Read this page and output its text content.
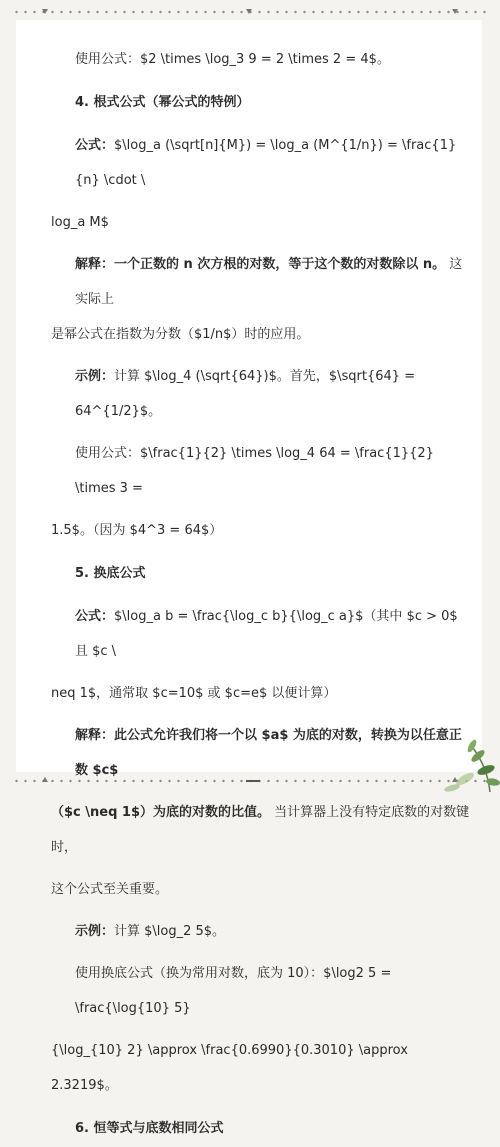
使用公式：$2 \times \log_3 9 = 2 \times 2 = 4$。

4. 根式公式（幂公式的特例）

公式：$\log_a (\sqrt[n]{M}) = \log_a (M^{1/n}) = \frac{1}{n} \cdot \

log_a M$

解释：一个正数的 n 次方根的对数，等于这个数的对数除以 n。 这实际上

是幂公式在指数为分数（$1/n$）时的应用。

示例：计算 $\log_4 (\sqrt{64})$。首先，$\sqrt{64} = 64^{1/2}$。

使用公式：$\frac{1}{2} \times \log_4 64 = \frac{1}{2} \times 3 =

1.5$。（因为 $4^3 = 64$）

5. 换底公式

公式：$\log_a b = \frac{\log_c b}{\log_c a}$（其中 $c > 0$ 且 $c \

neq 1$，通常取 $c=10$ 或 $c=e$ 以便计算）

解释：此公式允许我们将一个以 $a$ 为底的对数，转换为以任意正数 $c$

（$c \neq 1$）为底的对数的比值。 当计算器上没有特定底数的对数键时，

这个公式至关重要。

示例：计算 $\log_2 5$。

使用换底公式（换为常用对数，底为 10）：$\log2 5 = \frac{\log{10} 5}

{\log_{10} 2} \approx \frac{0.6990}{0.3010} \approx 2.3219$。

6. 恒等式与底数相同公式
